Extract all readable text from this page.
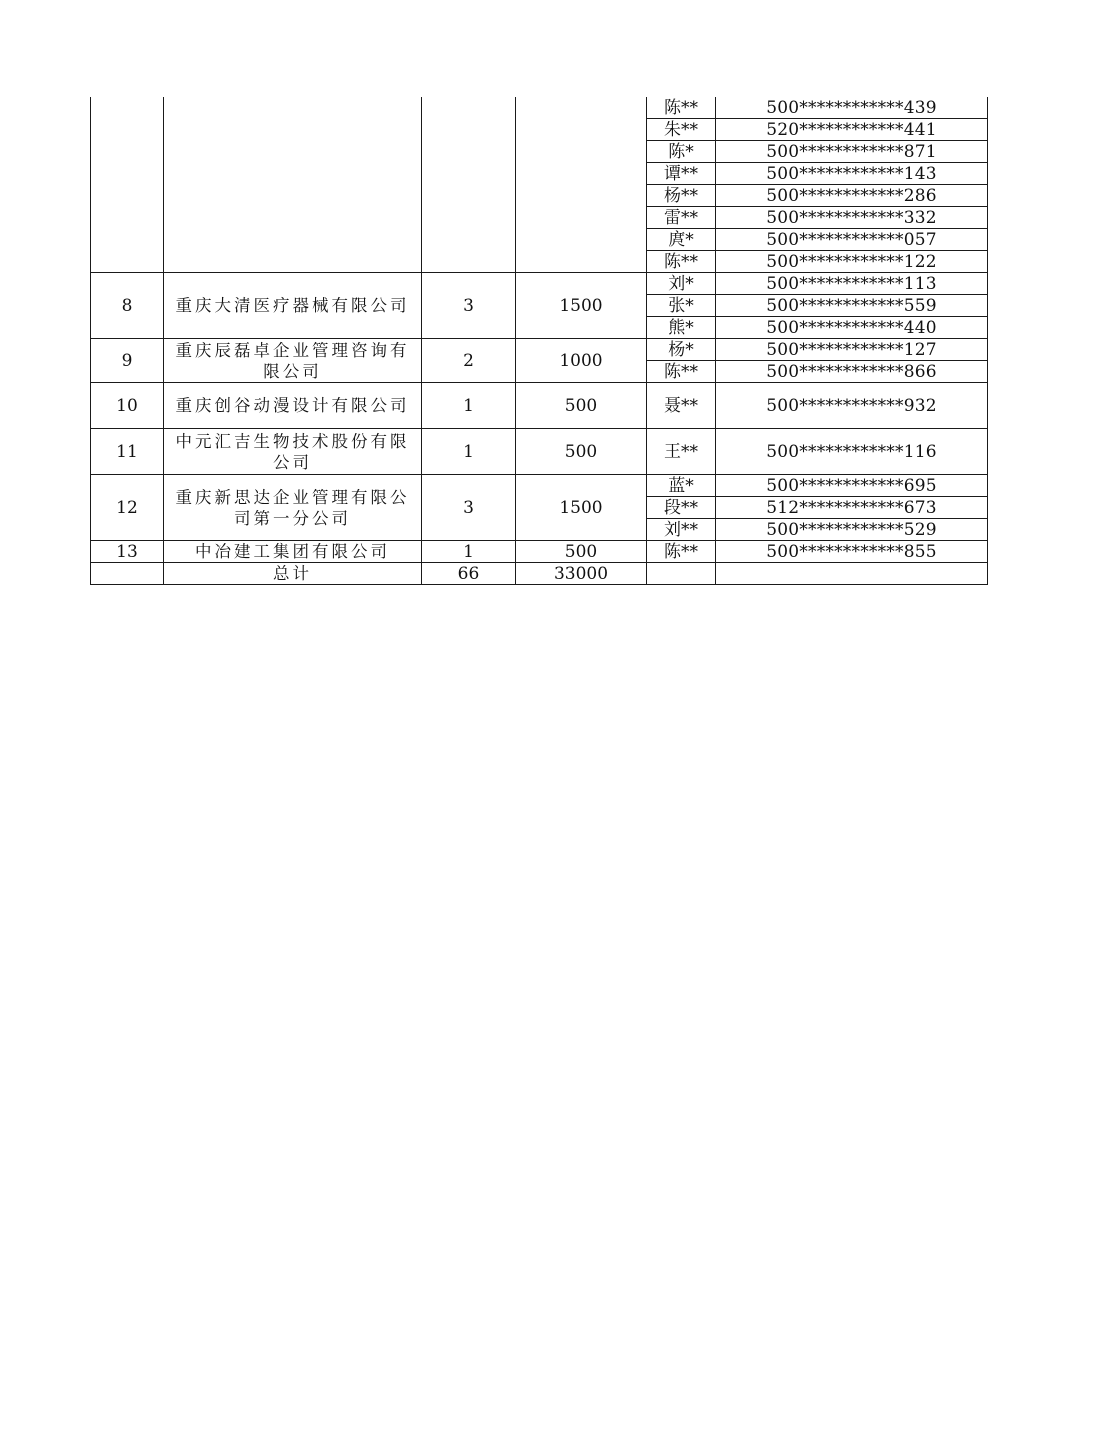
				陈**	500************439
				朱**	520************441
				陈*	500************871
				谭**	500************143
				杨**	500************286
				雷**	500************332
				庹*	500************057
				陈**	500************122
8	重庆大清医疗器械有限公司	3	1500	刘*	500************113
				张*	500************559
				熊*	500************440
9	重庆辰磊卓企业管理咨询有限公司	2	1000	杨*	500************127
				陈**	500************866
10	重庆创谷动漫设计有限公司	1	500	聂**	500************932
11	中元汇吉生物技术股份有限公司	1	500	王**	500************116
12	重庆新思达企业管理有限公司第一分公司	3	1500	蓝*	500************695
				段**	512************673
				刘**	500************529
13	中冶建工集团有限公司	1	500	陈**	500************855
	总计	66	33000		
